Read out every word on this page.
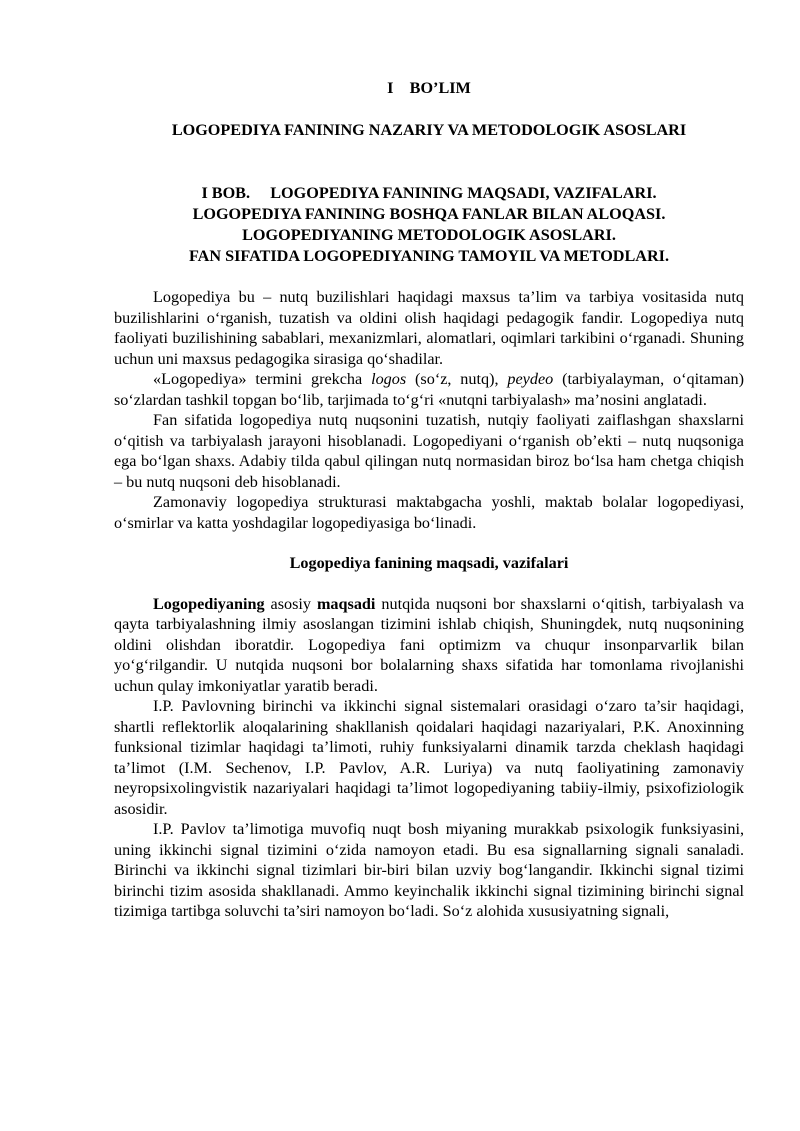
I    BO’LIM
LOGOPEDIYA FANINING NAZARIY VA METODOLOGIK ASOSLARI
I BOB.     LOGOPEDIYA FANINING MAQSADI, VAZIFALARI.
LOGOPEDIYA FANINING BOSHQA FANLAR BILAN ALOQASI.
LOGOPEDIYANING METODOLOGIK ASOSLARI.
FAN SIFATIDA LOGOPEDIYANING TAMOYIL VA METODLARI.

Logopediya bu – nutq buzilishlari haqidagi maxsus ta’lim va tarbiya vositasida nutq buzilishlarini o‘rganish, tuzatish va oldini olish haqidagi pedagogik fandir. Logopediya nutq faoliyati buzilishining sabablari, mexanizmlari, alomatlari, oqimlari tarkibini o‘rganadi. Shuning uchun uni maxsus pedagogika sirasiga qo‘shadilar.

«Logopediya» termini grekcha logos (so‘z, nutq), peydeo (tarbiyalayman, o‘qitaman) so‘zlardan tashkil topgan bo‘lib, tarjimada to‘g‘ri «nutqni tarbiyalash» ma’nosini anglatadi.

Fan sifatida logopediya nutq nuqsonini tuzatish, nutqiy faoliyati zaiflashgan shaxslarni o‘qitish va tarbiyalash jarayoni hisoblanadi. Logopediyani o‘rganish ob’ekti – nutq nuqsoniga ega bo‘lgan shaxs. Adabiy tilda qabul qilingan nutq normasidan biroz bo‘lsa ham chetga chiqish – bu nutq nuqsoni deb hisoblanadi.

Zamonaviy logopediya strukturasi maktabgacha yoshli, maktab bolalar logopediyasi, o‘smirlar va katta yoshdagilar logopediyasiga bo‘linadi.

Logopediya fanining maqsadi, vazifalari

Logopediyaning asosiy maqsadi nutqida nuqsoni bor shaxslarni o‘qitish, tarbiyalash va qayta tarbiyalashning ilmiy asoslangan tizimini ishlab chiqish, Shuningdek, nutq nuqsonining oldini olishdan iboratdir. Logopediya fani optimizm va chuqur insonparvarlik bilan yo‘g‘rilgandir. U nutqida nuqsoni bor bolalarning shaxs sifatida har tomonlama rivojlanishi uchun qulay imkoniyatlar yaratib beradi.

I.P. Pavlovning birinchi va ikkinchi signal sistemalari orasidagi o‘zaro ta’sir haqidagi, shartli reflektorlik aloqalarining shakllanish qoidalari haqidagi nazariyalari, P.K. Anoxinning funksional tizimlar haqidagi ta’limoti, ruhiy funksiyalarni dinamik tarzda cheklash haqidagi ta’limot (I.M. Sechenov, I.P. Pavlov, A.R. Luriya) va nutq faoliyatining zamonaviy neyropsixolingvistik nazariyalari haqidagi ta’limot logopediyaning tabiiy-ilmiy, psixofiziologik asosidir.

I.P. Pavlov ta’limotiga muvofiq nuqt bosh miyaning murakkab psixologik funksiyasini, uning ikkinchi signal tizimini o‘zida namoyon etadi. Bu esa signallarning signali sanaladi. Birinchi va ikkinchi signal tizimlari bir-biri bilan uzviy bog‘langandir. Ikkinchi signal tizimi birinchi tizim asosida shakllanadi. Ammo keyinchalik ikkinchi signal tizimining birinchi signal tizimiga tartibga soluvchi ta’siri namoyon bo‘ladi. So‘z alohida xususiyatning signali,
